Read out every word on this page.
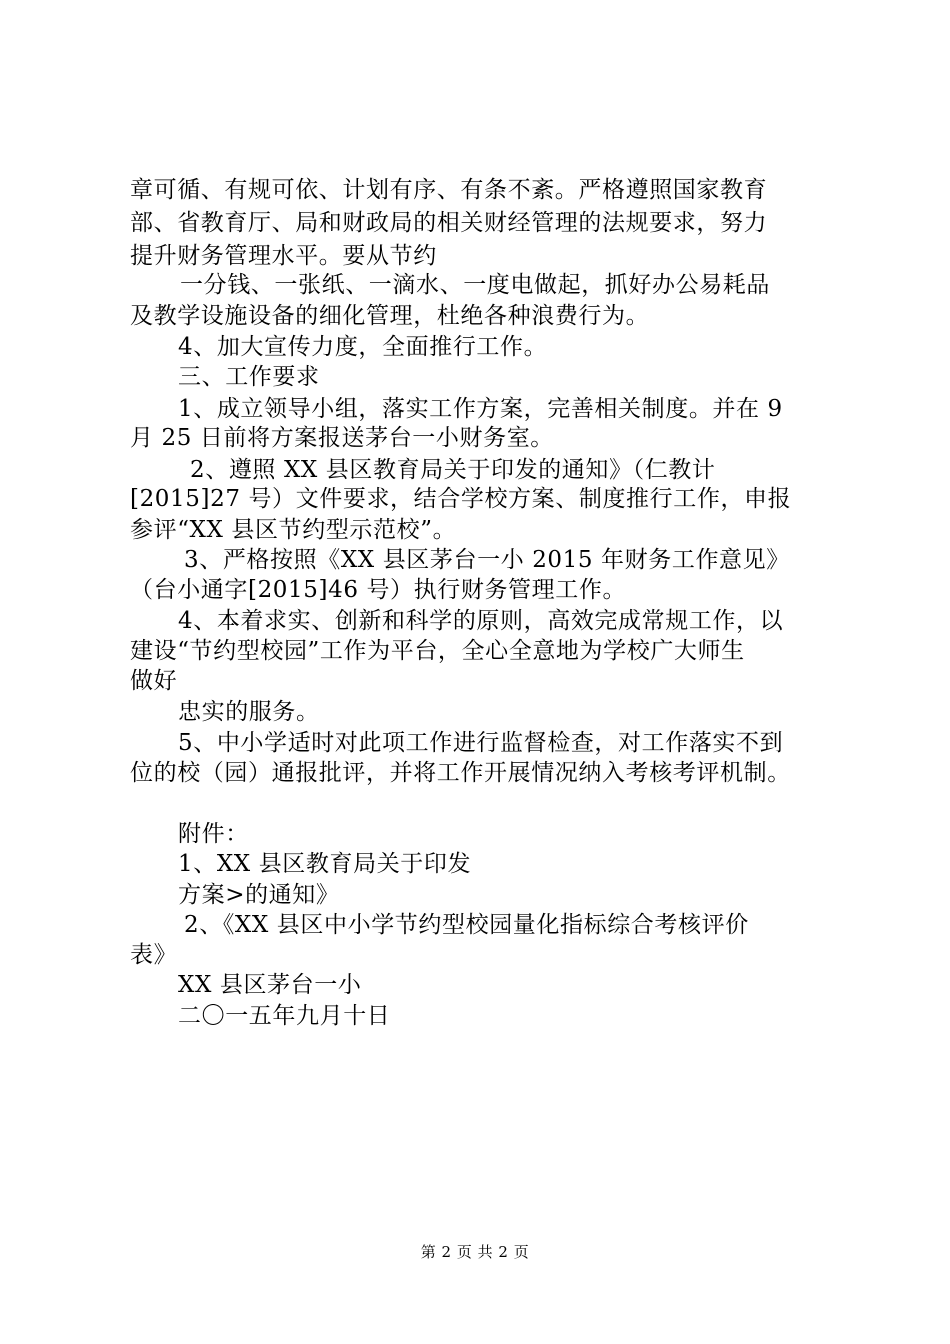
章可循、有规可依、计划有序、有条不紊。严格遵照国家教育
部、省教育厅、局和财政局的相关财经管理的法规要求，努力
提升财务管理水平。要从节约
一分钱、一张纸、一滴水、一度电做起，抓好办公易耗品
及教学设施设备的细化管理，杜绝各种浪费行为。
4、加大宣传力度，全面推行工作。
三、工作要求
1、成立领导小组，落实工作方案，完善相关制度。并在 9
月 25 日前将方案报送茅台一小财务室。
2、遵照 XX 县区教育局关于印发的通知》（仁教计
[2015]27 号）文件要求，结合学校方案、制度推行工作，申报
参评“XX 县区节约型示范校”。
3、严格按照《XX 县区茅台一小 2015 年财务工作意见》
（台小通字[2015]46 号）执行财务管理工作。
4、本着求实、创新和科学的原则，高效完成常规工作，以
建设“节约型校园”工作为平台，全心全意地为学校广大师生
做好
忠实的服务。
5、中小学适时对此项工作进行监督检查，对工作落实不到
位的校（园）通报批评，并将工作开展情况纳入考核考评机制。
附件：
1、XX 县区教育局关于印发
方案>的通知》
2、《XX 县区中小学节约型校园量化指标综合考核评价
表》
XX 县区茅台一小
二〇一五年九月十日
第 2 页 共 2 页
